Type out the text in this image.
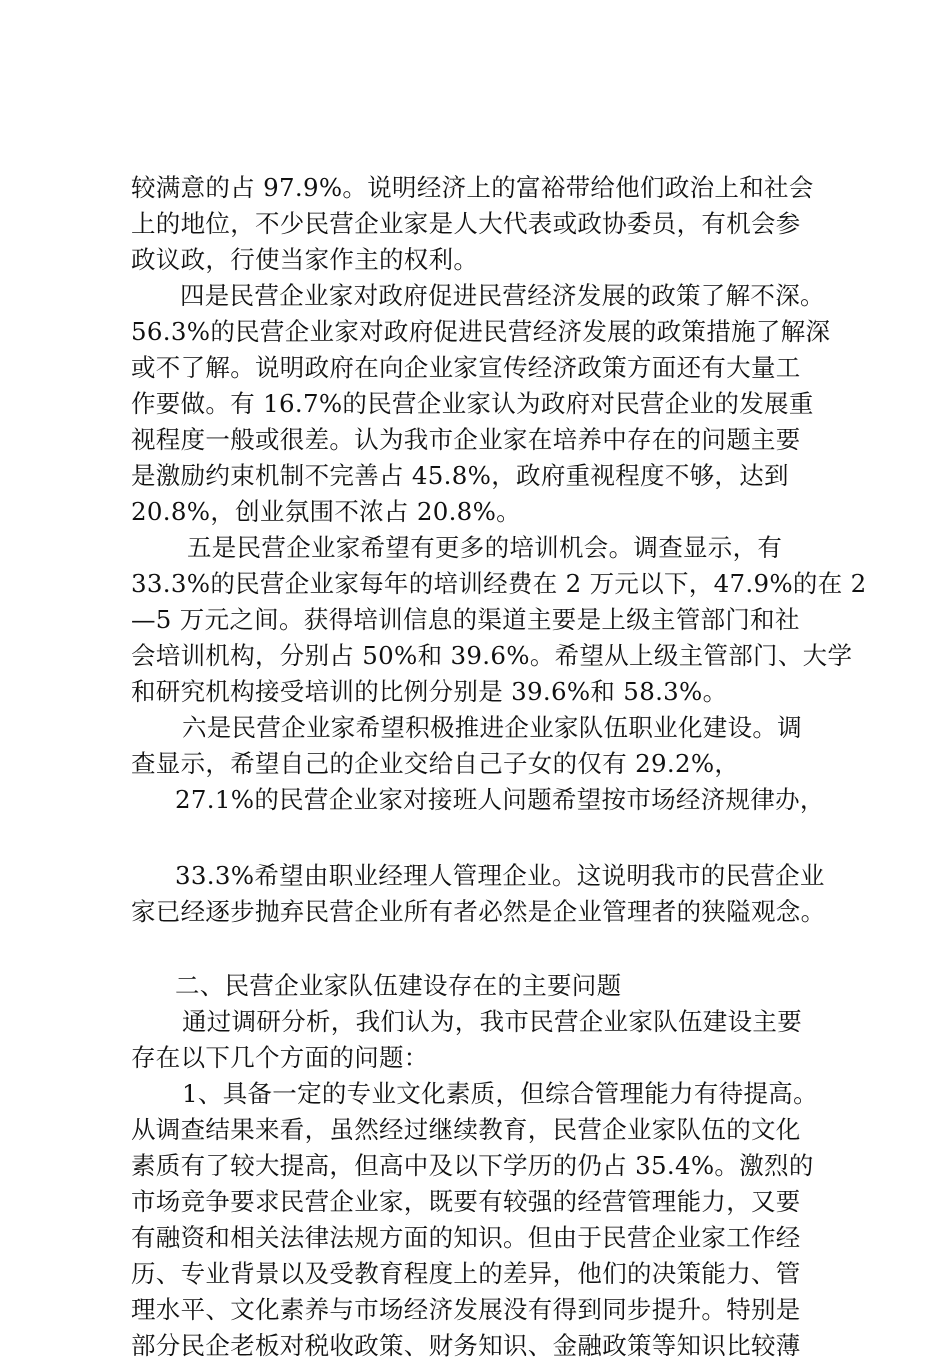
较满意的占 97.9%。说明经济上的富裕带给他们政治上和社会
上的地位，不少民营企业家是人大代表或政协委员，有机会参
政议政，行使当家作主的权利。
四是民营企业家对政府促进民营经济发展的政策了解不深。
56.3%的民营企业家对政府促进民营经济发展的政策措施了解深
或不了解。说明政府在向企业家宣传经济政策方面还有大量工
作要做。有 16.7%的民营企业家认为政府对民营企业的发展重
视程度一般或很差。认为我市企业家在培养中存在的问题主要
是激励约束机制不完善占 45.8%，政府重视程度不够，达到
20.8%，创业氛围不浓占 20.8%。
五是民营企业家希望有更多的培训机会。调查显示，有
33.3%的民营企业家每年的培训经费在 2 万元以下，47.9%的在 2
—5 万元之间。获得培训信息的渠道主要是上级主管部门和社
会培训机构，分别占 50%和 39.6%。希望从上级主管部门、大学
和研究机构接受培训的比例分别是 39.6%和 58.3%。
六是民营企业家希望积极推进企业家队伍职业化建设。调
查显示，希望自己的企业交给自己子女的仅有 29.2%，
27.1%的民营企业家对接班人问题希望按市场经济规律办，
33.3%希望由职业经理人管理企业。这说明我市的民营企业
家已经逐步抛弃民营企业所有者必然是企业管理者的狭隘观念。
二、民营企业家队伍建设存在的主要问题
通过调研分析，我们认为，我市民营企业家队伍建设主要
存在以下几个方面的问题：
1、具备一定的专业文化素质，但综合管理能力有待提高。
从调查结果来看，虽然经过继续教育，民营企业家队伍的文化
素质有了较大提高，但高中及以下学历的仍占 35.4%。激烈的
市场竞争要求民营企业家，既要有较强的经营管理能力，又要
有融资和相关法律法规方面的知识。但由于民营企业家工作经
历、专业背景以及受教育程度上的差异，他们的决策能力、管
理水平、文化素养与市场经济发展没有得到同步提升。特别是
部分民企老板对税收政策、财务知识、金融政策等知识比较薄
